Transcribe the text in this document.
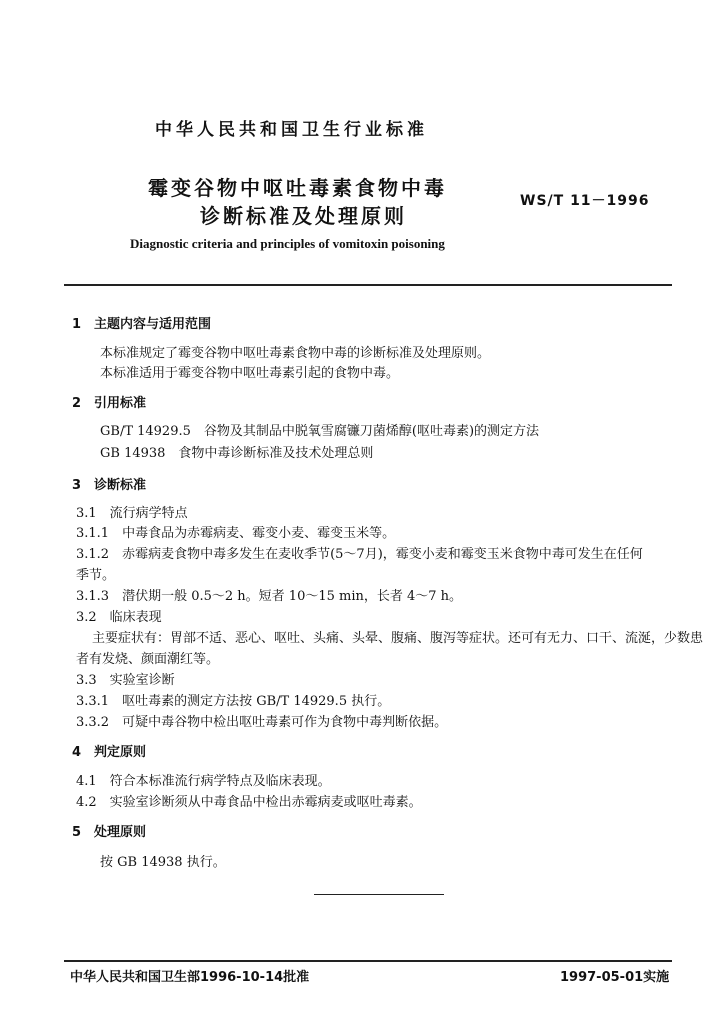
中华人民共和国卫生行业标准
霉变谷物中呕吐毒素食物中毒
诊断标准及处理原则
WS/T 11－1996
Diagnostic criteria and principles of vomitoxin poisoning
1　主题内容与适用范围
本标准规定了霉变谷物中呕吐毒素食物中毒的诊断标准及处理原则。
本标准适用于霉变谷物中呕吐毒素引起的食物中毒。
2　引用标准
GB/T 14929.5　谷物及其制品中脱氧雪腐镰刀菌烯醇(呕吐毒素)的测定方法
GB 14938　食物中毒诊断标准及技术处理总则
3　诊断标准
3.1　流行病学特点
3.1.1　中毒食品为赤霉病麦、霉变小麦、霉变玉米等。
3.1.2　赤霉病麦食物中毒多发生在麦收季节(5～7月)，霉变小麦和霉变玉米食物中毒可发生在任何
季节。
3.1.3　潜伏期一般 0.5～2 h。短者 10～15 min，长者 4～7 h。
3.2　临床表现
主要症状有：胃部不适、恶心、呕吐、头痛、头晕、腹痛、腹泻等症状。还可有无力、口干、流涎，少数患
者有发烧、颜面潮红等。
3.3　实验室诊断
3.3.1　呕吐毒素的测定方法按 GB/T 14929.5 执行。
3.3.2　可疑中毒谷物中检出呕吐毒素可作为食物中毒判断依据。
4　判定原则
4.1　符合本标准流行病学特点及临床表现。
4.2　实验室诊断须从中毒食品中检出赤霉病麦或呕吐毒素。
5　处理原则
按 GB 14938 执行。
中华人民共和国卫生部1996-10-14批准	1997-05-01实施
